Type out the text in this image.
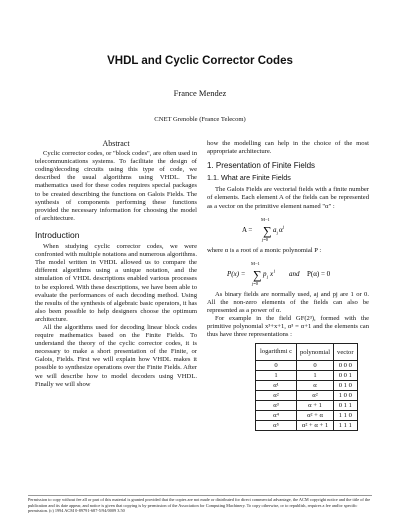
VHDL and Cyclic Corrector Codes
France Mendez
CNET Grenoble (France Telecom)
Abstract

Cyclic corrector codes, or "block codes", are often used in telecommunications systems. To facilitate the design of coding/decoding circuits using this type of code, we described the usual algorithms using VHDL. The mathematics used for these codes requires special packages to be created describing the functions on Galois Fields. The synthesis of components performing these functions provided the necessary information for choosing the model of architecture.

Introduction

When studying cyclic corrector codes, we were confronted with multiple notations and numerous algorithms. The model written in VHDL allowed us to compare the different algorithms using a unique notation, and the simulation of VHDL descriptions enabled various processes to be explored. With these descriptions, we have been able to evaluate the performances of each decoding method. Using the results of the synthesis of algebraic basic operators, it has also been possible to help designers choose the optimum architecture.

All the algorithms used for decoding linear block codes require mathematics based on the Finite Fields. To understand the theory of the cyclic corrector codes, it is necessary to make a short presentation of the Finite, or Galois, Fields. First we will explain how VHDL makes it possible to synthesize operations over the Finite Fields. After we will describe how to model decoders using VHDL. Finally we will show

how the modelling can help in the choice of the most appropriate architecture.

1. Presentation of Finite Fields
1.1. What are Finite Fields

The Galois Fields are vectorial fields with a finite number of elements. Each element A of the fields can be represented as a vector on the primitive element named "α" :

A =
M−1
∑
j=0
a j α j

where α is a root of a monic polynomial P :

P(x) =
M−1
∑
j=0
p j x j and P(α) = 0

As binary fields are normally used, aj and pj are 1 or 0. All the non-zero elements of the fields can also be represented as a power of α.

For example in the field GF(2³), formed with the primitive polynomial x³+x+1, α³ = α+1 and the elements can thus have three representations :

logarithmi c	polynomial	vector
0	0	0 0 0
1	1	0 0 1
α¹	α	0 1 0
α²	α²	1 0 0
α³	α + 1	0 1 1
α⁴	α² + α	1 1 0
α⁵	α² + α + 1	1 1 1
Permission to copy without fee all or part of this material is granted provided that the copies are not made or distributed for direct commercial advantage, the ACM copyright notice and the title of the publication and its date appear, and notice is given that copying is by permission of the Association for Computing Machinery. To copy otherwise, or to republish, requires a fee and/or specific permission. (c) 1994 ACM 0-89791-687-5/94/0009 3.50
